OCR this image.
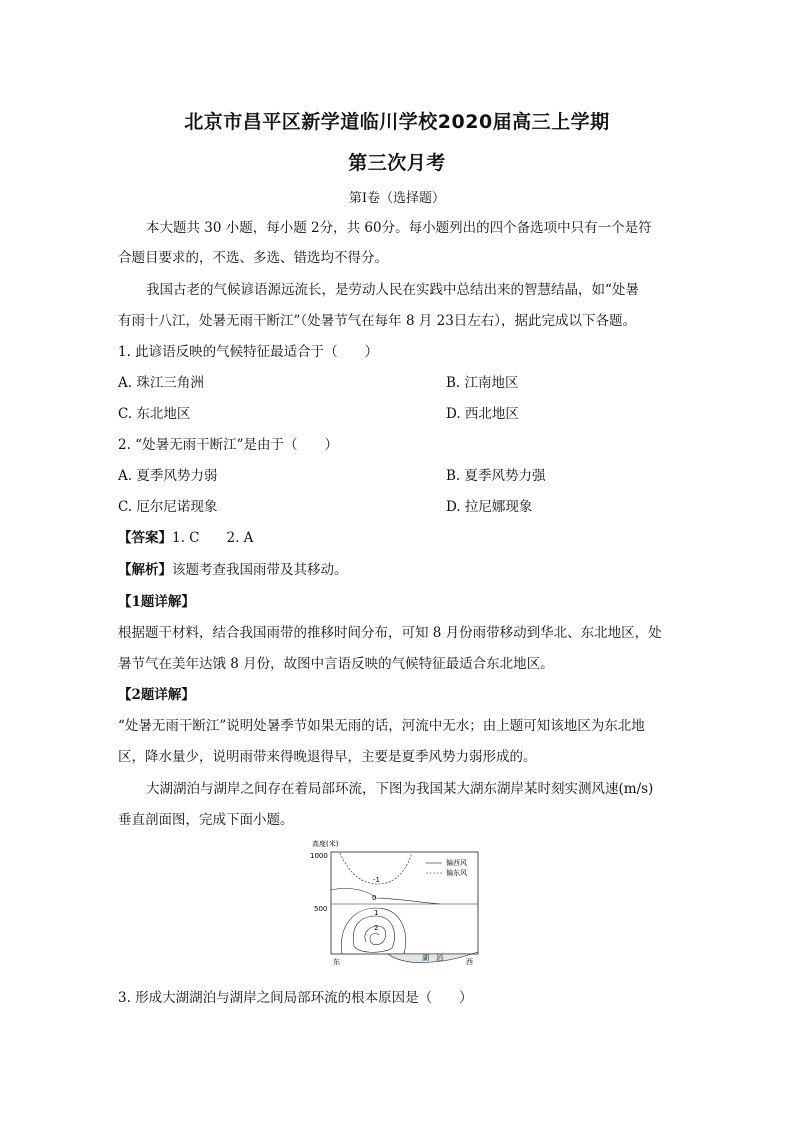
北京市昌平区新学道临川学校2020届高三上学期
第三次月考
第Ⅰ卷（选择题）
本大题共 30 小题，每小题 2分，共 60分。每小题列出的四个备选项中只有一个是符
合题目要求的，不选、多选、错选均不得分。
我国古老的气候谚语源远流长，是劳动人民在实践中总结出来的智慧结晶，如“处暑
有雨十八江，处暑无雨干断江”（处暑节气在每年 8 月 23日左右），据此完成以下各题。
1. 此谚语反映的气候特征最适合于（　　）
A. 珠江三角洲	B. 江南地区
C. 东北地区	D. 西北地区
2. “处暑无雨干断江”是由于（　　）
A. 夏季风势力弱	B. 夏季风势力强
C. 厄尔尼诺现象	D. 拉尼娜现象
【答案】1. C　　2. A
【解析】该题考查我国雨带及其移动。
【1题详解】
根据题干材料，结合我国雨带的推移时间分布，可知 8 月份雨带移动到华北、东北地区，处
暑节气在美年达饿 8 月份，故图中言语反映的气候特征最适合东北地区。
【2题详解】
“处暑无雨干断江”说明处暑季节如果无雨的话，河流中无水；由上题可知该地区为东北地
区，降水量少，说明雨带来得晚退得早，主要是夏季风势力弱形成的。
大湖湖泊与湖岸之间存在着局部环流，下图为我国某大湖东湖岸某时刻实测风速(m/s)
垂直剖面图，完成下面小题。
高度(米)
1000
500
偏西风
偏东风
-1
0
1
2
湖　泊
东	西
3. 形成大湖湖泊与湖岸之间局部环流的根本原因是（　　）
